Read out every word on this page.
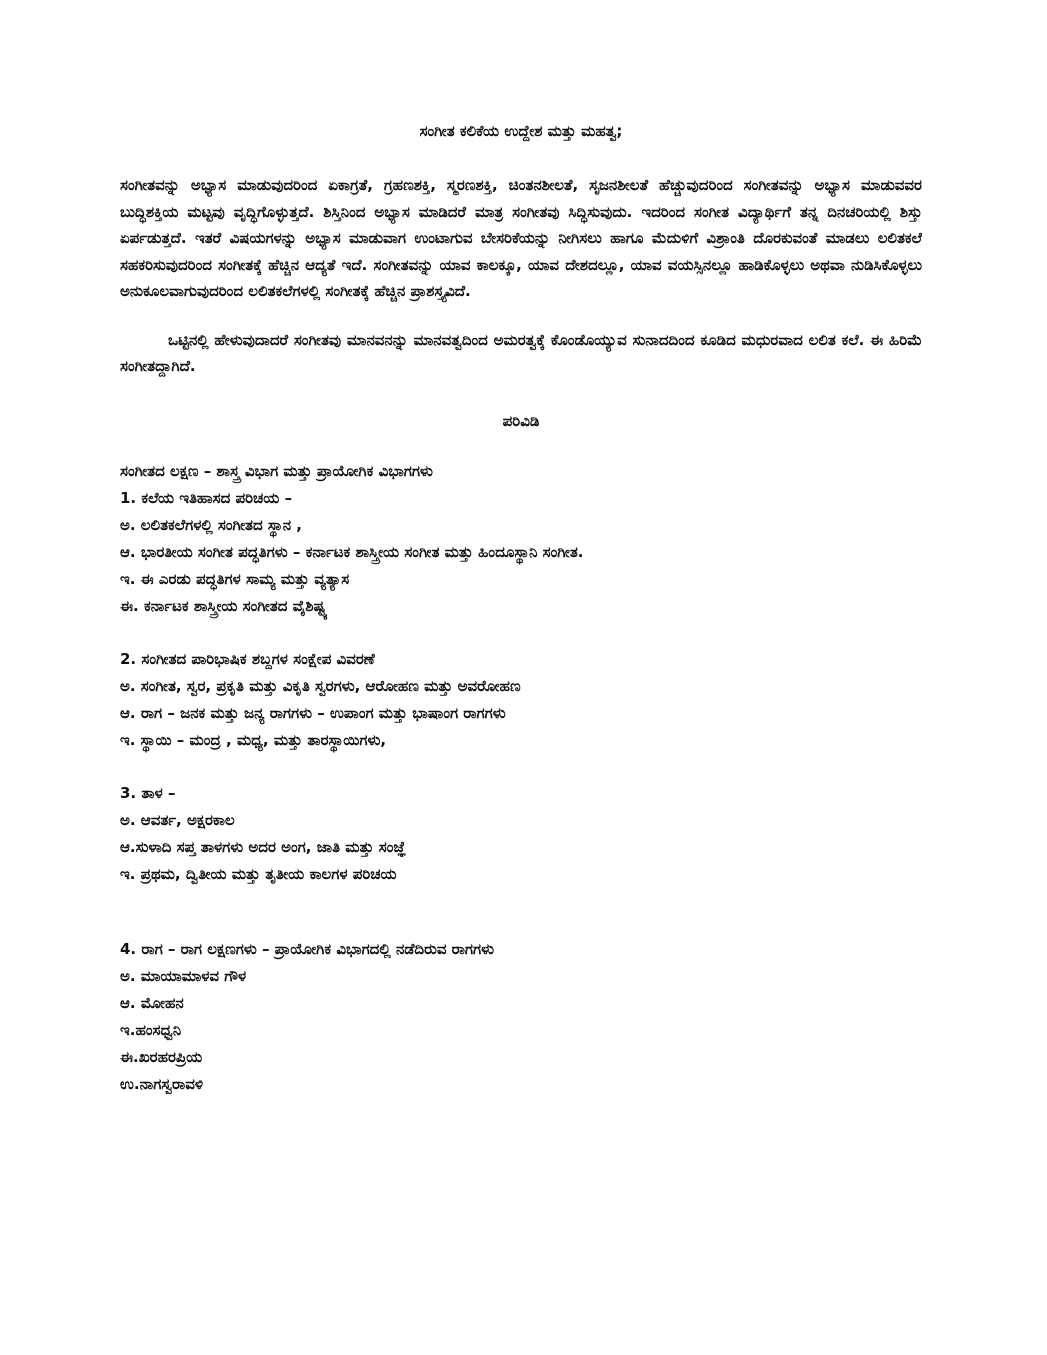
ಸಂಗೀತ ಕಲಿಕೆಯ ಉದ್ದೇಶ ಮತ್ತು ಮಹತ್ವ;

ಸಂಗೀತವನ್ನು ಅಭ್ಯಾಸ ಮಾಡುವುದರಿಂದ ಏಕಾಗ್ರತೆ, ಗ್ರಹಣಶಕ್ತಿ, ಸ್ಮರಣಶಕ್ತಿ, ಚಿಂತನಶೀಲತೆ, ಸೃಜನಶೀಲತೆ ಹೆಚ್ಚುವುದರಿಂದ ಸಂಗೀತವನ್ನು ಅಭ್ಯಾಸ ಮಾಡುವವರ ಬುದ್ಧಿಶಕ್ತಿಯ ಮಟ್ಟವು ವೃದ್ಧಿಗೊಳ್ಳುತ್ತದೆ. ಶಿಸ್ತಿನಿಂದ ಅಭ್ಯಾಸ ಮಾಡಿದರೆ ಮಾತ್ರ ಸಂಗೀತವು ಸಿದ್ಧಿಸುವುದು. ಇದರಿಂದ ಸಂಗೀತ ವಿದ್ಯಾರ್ಥಿಗೆ ತನ್ನ ದಿನಚರಿಯಲ್ಲಿ ಶಿಸ್ತು ಏರ್ಪಡುತ್ತದೆ. ಇತರೆ ವಿಷಯಗಳನ್ನು ಅಭ್ಯಾಸ ಮಾಡುವಾಗ ಉಂಟಾಗುವ ಬೇಸರಿಕೆಯನ್ನು ನೀಗಿಸಲು ಹಾಗೂ ಮೆದುಳಿಗೆ ವಿಶ್ರಾಂತಿ ದೊರಕುವಂತೆ ಮಾಡಲು ಲಲಿತಕಲೆ ಸಹಕರಿಸುವುದರಿಂದ ಸಂಗೀತಕ್ಕೆ ಹೆಚ್ಚಿನ ಆದ್ಯತೆ ಇದೆ. ಸಂಗೀತವನ್ನು ಯಾವ ಕಾಲಕ್ಕೂ, ಯಾವ ದೇಶದಲ್ಲೂ, ಯಾವ ವಯಸ್ಸಿನಲ್ಲೂ ಹಾಡಿಕೊಳ್ಳಲು ಅಥವಾ ನುಡಿಸಿಕೊಳ್ಳಲು ಅನುಕೂಲವಾಗುವುದರಿಂದ ಲಲಿತಕಲೆಗಳಲ್ಲಿ ಸಂಗೀತಕ್ಕೆ ಹೆಚ್ಚಿನ ಪ್ರಾಶಸ್ತ್ಯವಿದೆ.

ಒಟ್ಟಿನಲ್ಲಿ ಹೇಳುವುದಾದರೆ ಸಂಗೀತವು ಮಾನವನನ್ನು ಮಾನವತ್ವದಿಂದ ಅಮರತ್ವಕ್ಕೆ ಕೊಂಡೊಯ್ಯುವ ಸುನಾದದಿಂದ ಕೂಡಿದ ಮಧುರವಾದ ಲಲಿತ ಕಲೆ. ಈ ಹಿರಿಮೆ ಸಂಗೀತದ್ದಾಗಿದೆ.

ಪರಿವಿಡಿ

ಸಂಗೀತದ ಲಕ್ಷಣ – ಶಾಸ್ತ್ರ ವಿಭಾಗ ಮತ್ತು ಪ್ರಾಯೋಗಿಕ ವಿಭಾಗಗಳು

1. ಕಲೆಯ ಇತಿಹಾಸದ ಪರಿಚಯ –

ಅ. ಲಲಿತಕಲೆಗಳಲ್ಲಿ ಸಂಗೀತದ ಸ್ಥಾನ ,

ಆ. ಭಾರತೀಯ ಸಂಗೀತ ಪದ್ಧತಿಗಳು – ಕರ್ನಾಟಕ ಶಾಸ್ತ್ರೀಯ ಸಂಗೀತ ಮತ್ತು ಹಿಂದೂಸ್ಥಾನಿ ಸಂಗೀತ.

ಇ. ಈ ಎರಡು ಪದ್ಧತಿಗಳ ಸಾಮ್ಯ ಮತ್ತು ವ್ಯತ್ಯಾಸ

ಈ. ಕರ್ನಾಟಕ ಶಾಸ್ತ್ರೀಯ ಸಂಗೀತದ ವೈಶಿಷ್ಟ್ಯ

2. ಸಂಗೀತದ ಪಾರಿಭಾಷಿಕ ಶಬ್ದಗಳ ಸಂಕ್ಷೇಪ ವಿವರಣೆ

ಅ. ಸಂಗೀತ, ಸ್ವರ, ಪ್ರಕೃತಿ ಮತ್ತು ವಿಕೃತಿ ಸ್ವರಗಳು, ಆರೋಹಣ ಮತ್ತು ಅವರೋಹಣ

ಆ. ರಾಗ – ಜನಕ ಮತ್ತು ಜನ್ಯ ರಾಗಗಳು – ಉಪಾಂಗ ಮತ್ತು ಭಾಷಾಂಗ ರಾಗಗಳು

ಇ. ಸ್ಥಾಯಿ – ಮಂದ್ರ , ಮಧ್ಯ, ಮತ್ತು ತಾರಸ್ಥಾಯಿಗಳು,

3. ತಾಳ –

ಅ. ಆವರ್ತ, ಅಕ್ಷರಕಾಲ

ಆ.ಸುಳಾದಿ ಸಪ್ತ ತಾಳಗಳು ಅದರ ಅಂಗ, ಜಾತಿ ಮತ್ತು ಸಂಜ್ಞೆ

ಇ. ಪ್ರಥಮ, ದ್ವಿತೀಯ ಮತ್ತು ತೃತೀಯ ಕಾಲಗಳ ಪರಿಚಯ

4. ರಾಗ – ರಾಗ ಲಕ್ಷಣಗಳು – ಪ್ರಾಯೋಗಿಕ ವಿಭಾಗದಲ್ಲಿ ನಡೆದಿರುವ ರಾಗಗಳು

ಅ. ಮಾಯಾಮಾಳವ ಗೌಳ

ಆ. ಮೋಹನ

ಇ.ಹಂಸಧ್ವನಿ

ಈ.ಖರಹರಪ್ರಿಯ

ಉ.ನಾಗಸ್ವರಾವಳಿ
